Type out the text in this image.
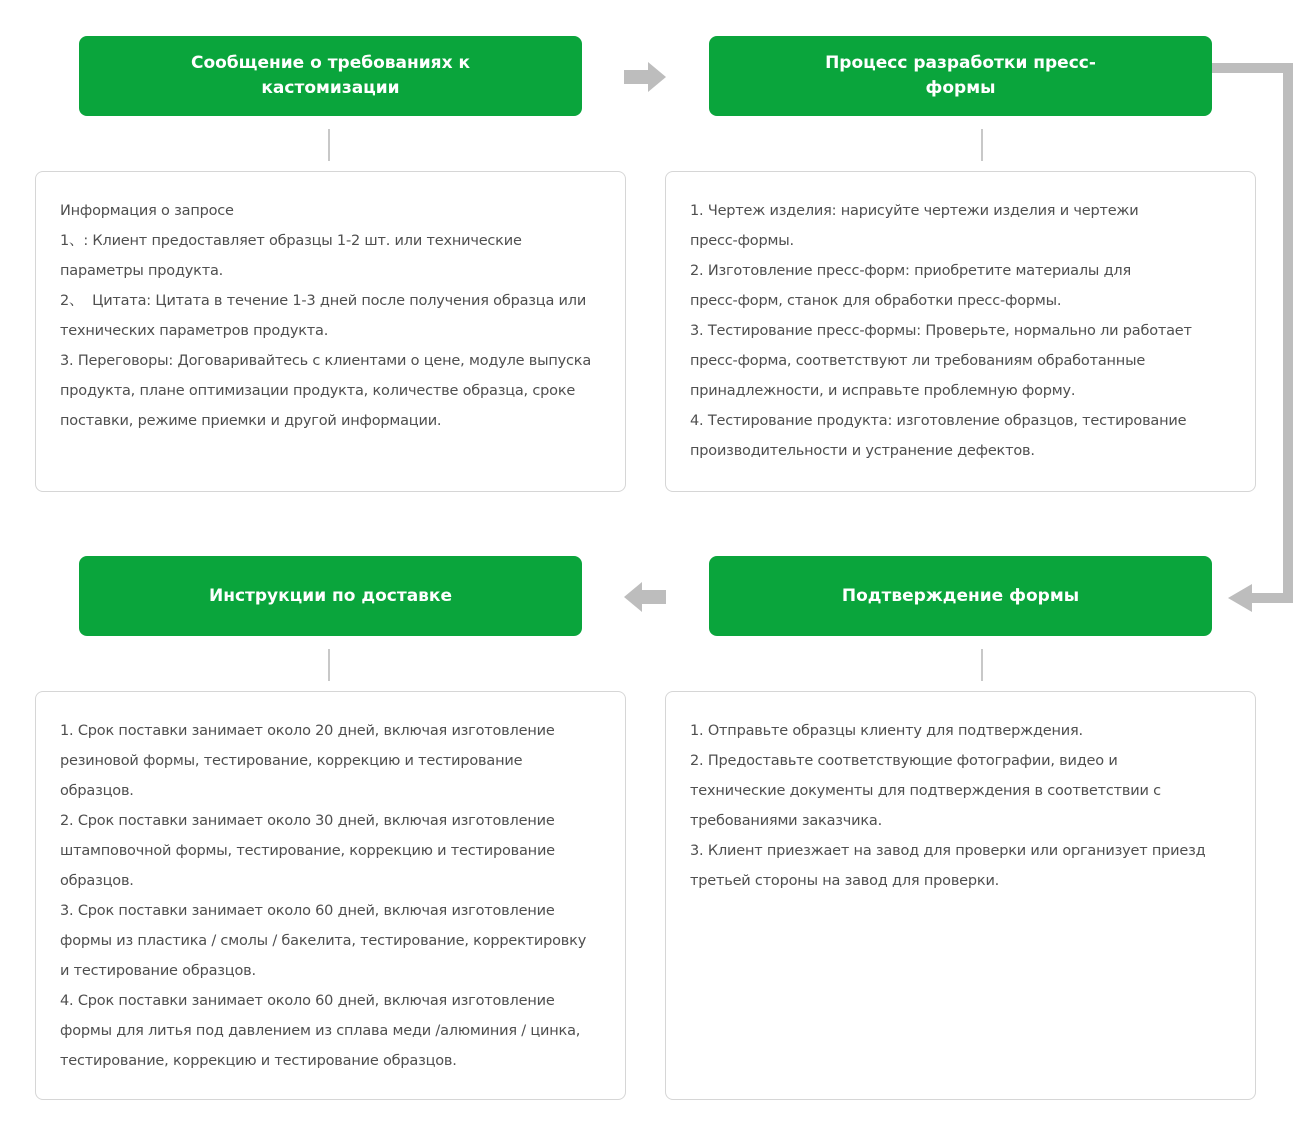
Сообщение о требованиях к кастомизации
Процесс разработки пресс-формы
Инструкции по доставке	Подтверждение формы
Информация о запросе
1、: Клиент предоставляет образцы 1-2 шт. или технические
параметры продукта.
2、  Цитата: Цитата в течение 1-3 дней после получения образца или
технических параметров продукта.
3. Переговоры: Договаривайтесь с клиентами о цене, модуле выпуска
продукта, плане оптимизации продукта, количестве образца, сроке
поставки, режиме приемки и другой информации.
1. Чертеж изделия: нарисуйте чертежи изделия и чертежи
пресс-формы.
2. Изготовление пресс-форм: приобретите материалы для
пресс-форм, станок для обработки пресс-формы.
3. Тестирование пресс-формы: Проверьте, нормально ли работает
пресс-форма, соответствуют ли требованиям обработанные
принадлежности, и исправьте проблемную форму.
4. Тестирование продукта: изготовление образцов, тестирование
производительности и устранение дефектов.
1. Срок поставки занимает около 20 дней, включая изготовление
резиновой формы, тестирование, коррекцию и тестирование
образцов.
2. Срок поставки занимает около 30 дней, включая изготовление
штамповочной формы, тестирование, коррекцию и тестирование
образцов.
3. Срок поставки занимает около 60 дней, включая изготовление
формы из пластика / смолы / бакелита, тестирование, корректировку
и тестирование образцов.
4. Срок поставки занимает около 60 дней, включая изготовление
формы для литья под давлением из сплава меди /алюминия / цинка,
тестирование, коррекцию и тестирование образцов.
1. Отправьте образцы клиенту для подтверждения.
2. Предоставьте соответствующие фотографии, видео и
технические документы для подтверждения в соответствии с
требованиями заказчика.
3. Клиент приезжает на завод для проверки или организует приезд
третьей стороны на завод для проверки.
